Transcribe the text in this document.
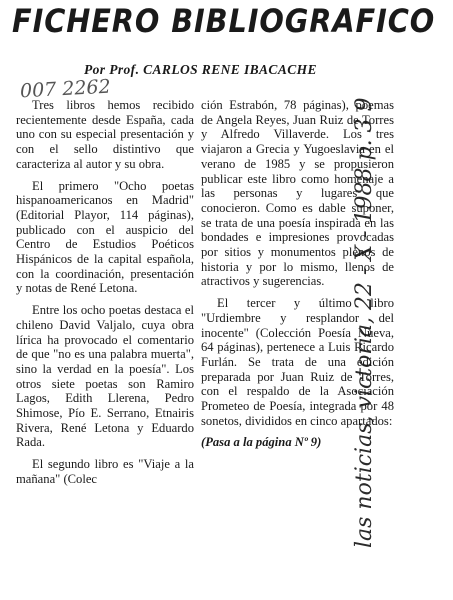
FICHERO BIBLIOGRAFICO
Por Prof. CARLOS RENE IBACACHE
007 2262
las noticias, victoria, 22 - X - 1988 p. 3 9

Tres libros hemos recibido recientemente desde España, cada uno con su especial presentación y con el sello distintivo que caracteriza al autor y su obra.

El primero "Ocho poetas hispanoamericanos en Madrid" (Editorial Playor, 114 páginas), publicado con el auspicio del Centro de Estudios Poéticos Hispánicos de la capital española, con la coordinación, presentación y notas de René Letona.

Entre los ocho poetas destaca el chileno David Valjalo, cuya obra lírica ha provocado el comentario de que "no es una palabra muerta", sino la verdad en la poesía". Los otros siete poetas son Ramiro Lagos, Edith Llerena, Pedro Shimose, Pío E. Serrano, Etnairis Rivera, René Letona y Eduardo Rada.

El segundo libro es "Viaje a la mañana" (Colec

ción Estrabón, 78 páginas), poemas de Angela Reyes, Juan Ruiz de Torres y Alfredo Villaverde. Los tres viajaron a Grecia y Yugoeslavia en el verano de 1985 y se propusieron publicar este libro como homenaje a las personas y lugares que conocieron. Como es dable suponer, se trata de una poesía inspirada en las bondades e impresiones provocadas por sitios y monumentos plenos de historia y por lo mismo, llenos de atractivos y sugerencias.

El tercer y último libro "Urdiembre y resplandor del inocente" (Colección Poesía Nueva, 64 páginas), pertenece a Luis Ricardo Furlán. Se trata de una edición preparada por Juan Ruiz de Torres, con el respaldo de la Asociación Prometeo de Poesía, integrada por 48 sonetos, divididos en cinco apartados:

(Pasa a la página Nº 9)
